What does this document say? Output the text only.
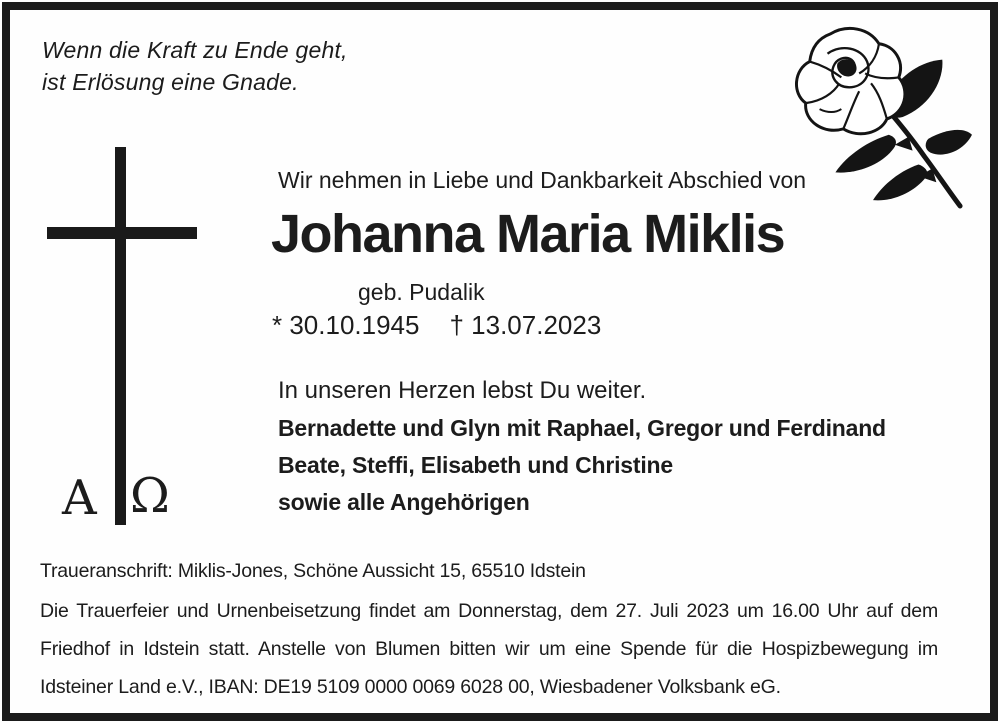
Wenn die Kraft zu Ende geht,
ist Erlösung eine Gnade.
A Ω
Wir nehmen in Liebe und Dankbarkeit Abschied von
Johanna Maria Miklis
geb. Pudalik
* 30.10.1945 † 13.07.2023
In unseren Herzen lebst Du weiter.
Bernadette und Glyn mit Raphael, Gregor und Ferdinand
Beate, Steffi, Elisabeth und Christine
sowie alle Angehörigen
Traueranschrift: Miklis-Jones, Schöne Aussicht 15, 65510 Idstein
Die Trauerfeier und Urnenbeisetzung findet am Donnerstag, dem 27. Juli 2023 um 16.00 Uhr auf dem
Friedhof in Idstein statt. Anstelle von Blumen bitten wir um eine Spende für die Hospizbewegung im
Idsteiner Land e.V., IBAN: DE19 5109 0000 0069 6028 00, Wiesbadener Volksbank eG.
